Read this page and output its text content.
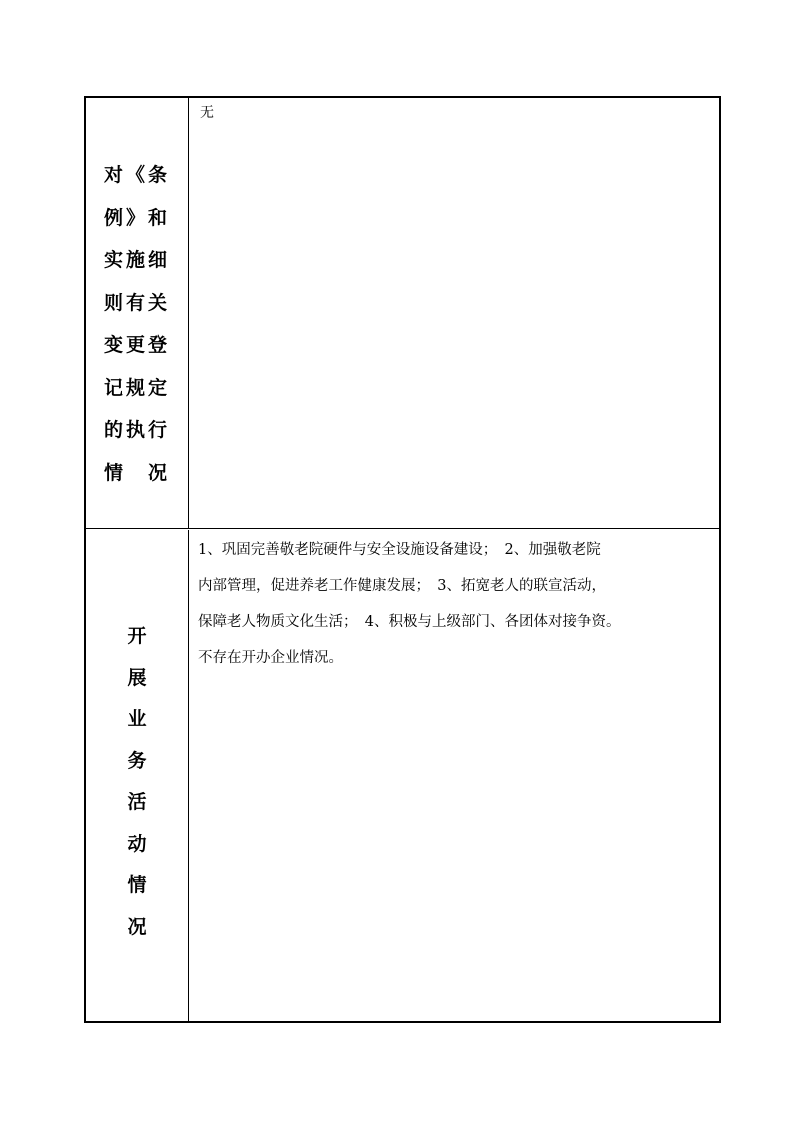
对《条例》和实施细则有关变更登记规定的执行情　况
无
开
展
业
务
活
动
情
况
1、巩固完善敬老院硬件与安全设施设备建设；　2、加强敬老院
内部管理，促进养老工作健康发展；　3、拓宽老人的联宣活动，
保障老人物质文化生活；　4、积极与上级部门、各团体对接争资。
不存在开办企业情况。
